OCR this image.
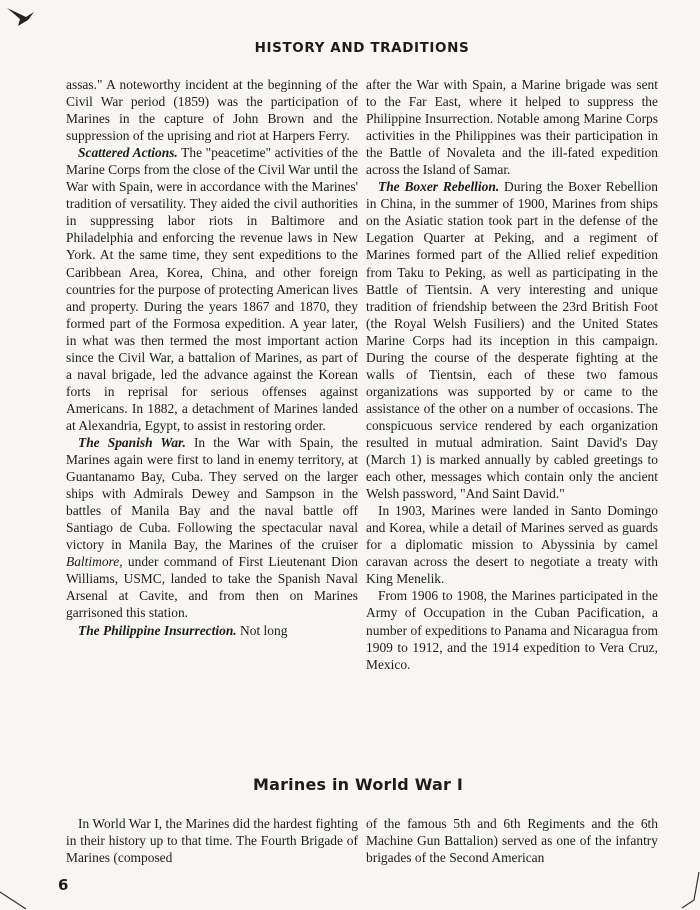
HISTORY AND TRADITIONS

assas." A noteworthy incident at the beginning of the Civil War period (1859) was the participation of Marines in the capture of John Brown and the suppression of the uprising and riot at Harpers Ferry.

Scattered Actions. The "peacetime" activities of the Marine Corps from the close of the Civil War until the War with Spain, were in accordance with the Marines' tradition of versatility. They aided the civil authorities in suppressing labor riots in Baltimore and Philadelphia and enforcing the revenue laws in New York. At the same time, they sent expeditions to the Caribbean Area, Korea, China, and other foreign countries for the purpose of protecting American lives and property. During the years 1867 and 1870, they formed part of the Formosa expedition. A year later, in what was then termed the most important action since the Civil War, a battalion of Marines, as part of a naval brigade, led the advance against the Korean forts in reprisal for serious offenses against Americans. In 1882, a detachment of Marines landed at Alexandria, Egypt, to assist in restoring order.

The Spanish War. In the War with Spain, the Marines again were first to land in enemy territory, at Guantanamo Bay, Cuba. They served on the larger ships with Admirals Dewey and Sampson in the battles of Manila Bay and the naval battle off Santiago de Cuba. Following the spectacular naval victory in Manila Bay, the Marines of the cruiser Baltimore, under command of First Lieutenant Dion Williams, USMC, landed to take the Spanish Naval Arsenal at Cavite, and from then on Marines garrisoned this station.

The Philippine Insurrection. Not long

after the War with Spain, a Marine brigade was sent to the Far East, where it helped to suppress the Philippine Insurrection. Notable among Marine Corps activities in the Philippines was their participation in the Battle of Novaleta and the ill-fated expedition across the Island of Samar.

The Boxer Rebellion. During the Boxer Rebellion in China, in the summer of 1900, Marines from ships on the Asiatic station took part in the defense of the Legation Quarter at Peking, and a regiment of Marines formed part of the Allied relief expedition from Taku to Peking, as well as participating in the Battle of Tientsin. A very interesting and unique tradition of friendship between the 23rd British Foot (the Royal Welsh Fusiliers) and the United States Marine Corps had its inception in this campaign. During the course of the desperate fighting at the walls of Tientsin, each of these two famous organizations was supported by or came to the assistance of the other on a number of occasions. The conspicuous service rendered by each organization resulted in mutual admiration. Saint David's Day (March 1) is marked annually by cabled greetings to each other, messages which contain only the ancient Welsh password, "And Saint David."

In 1903, Marines were landed in Santo Domingo and Korea, while a detail of Marines served as guards for a diplomatic mission to Abyssinia by camel caravan across the desert to negotiate a treaty with King Menelik.

From 1906 to 1908, the Marines participated in the Army of Occupation in the Cuban Pacification, a number of expeditions to Panama and Nicaragua from 1909 to 1912, and the 1914 expedition to Vera Cruz, Mexico.

Marines in World War I

In World War I, the Marines did the hardest fighting in their history up to that time. The Fourth Brigade of Marines (composed

of the famous 5th and 6th Regiments and the 6th Machine Gun Battalion) served as one of the infantry brigades of the Second American

6
